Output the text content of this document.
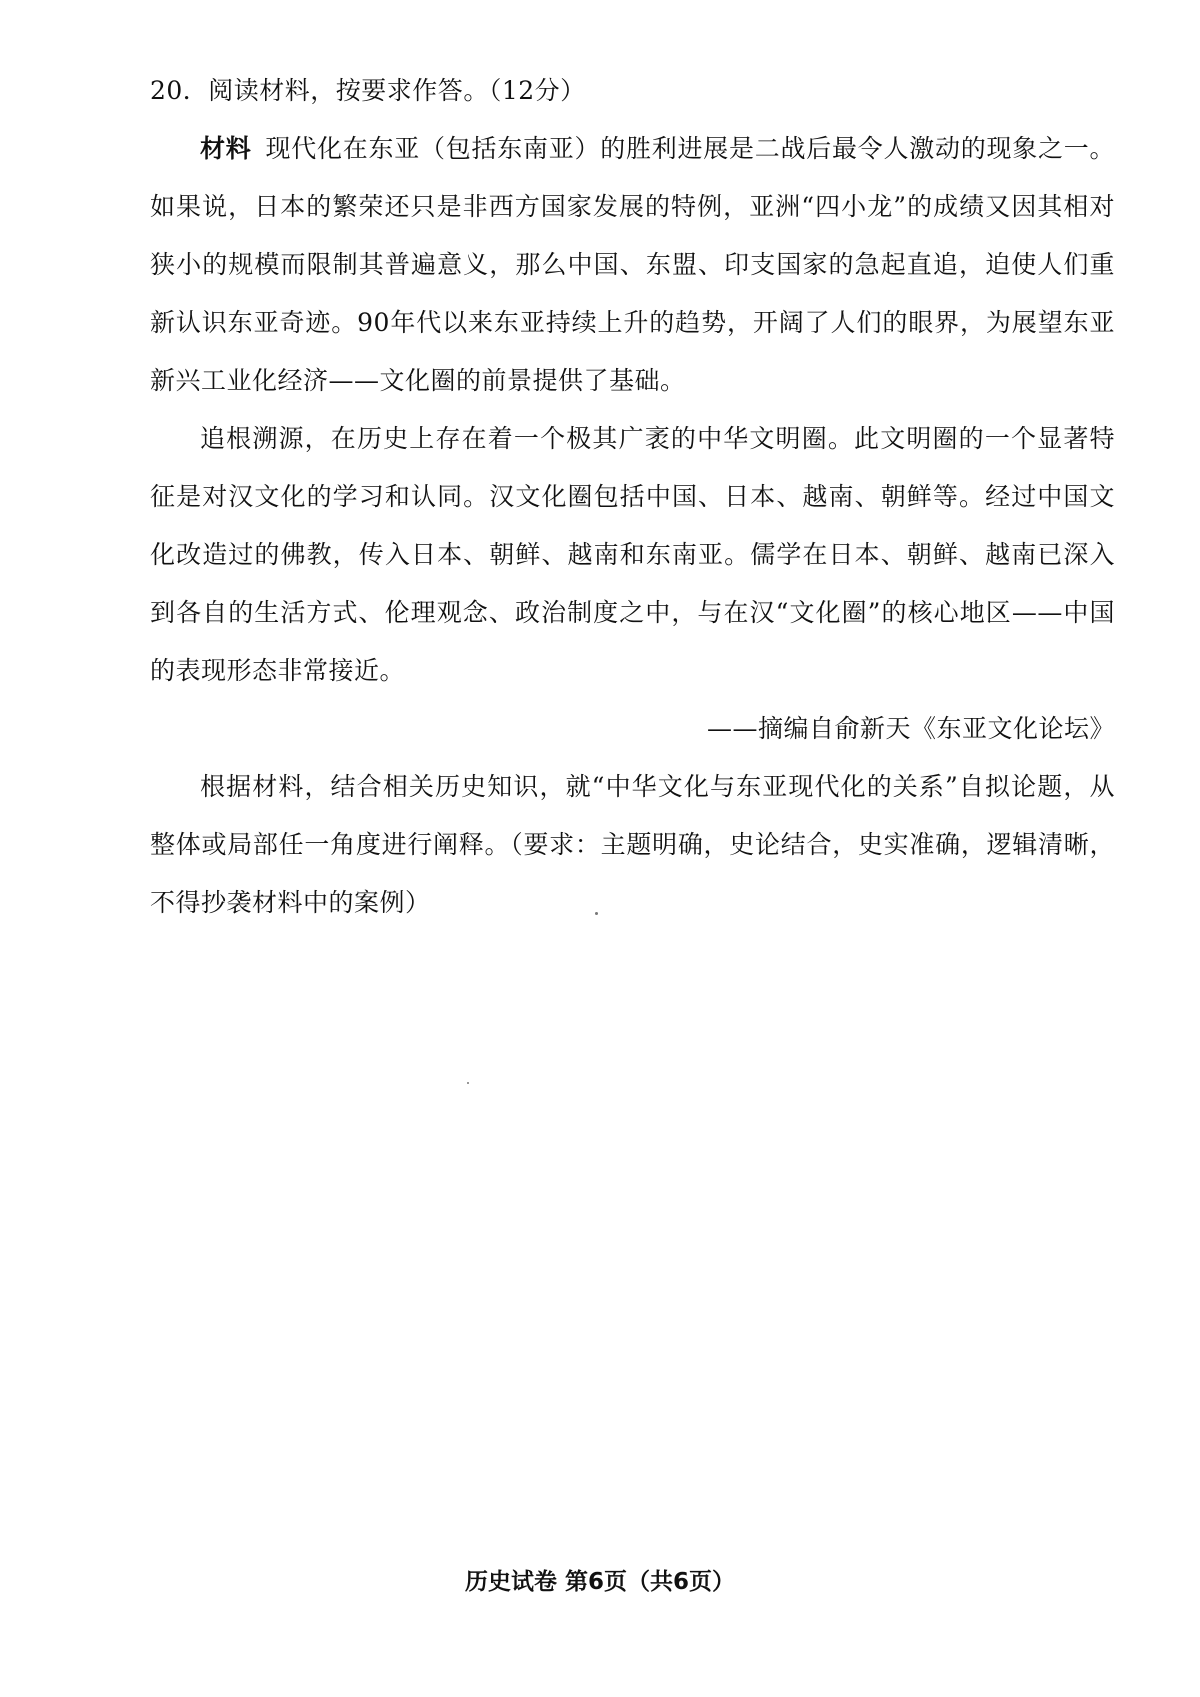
20．阅读材料，按要求作答。（12分）

材料 现代化在东亚（包括东南亚）的胜利进展是二战后最令人激动的现象之一。如果说，日本的繁荣还只是非西方国家发展的特例，亚洲“四小龙”的成绩又因其相对狭小的规模而限制其普遍意义，那么中国、东盟、印支国家的急起直追，迫使人们重新认识东亚奇迹。90年代以来东亚持续上升的趋势，开阔了人们的眼界，为展望东亚新兴工业化经济——文化圈的前景提供了基础。

追根溯源，在历史上存在着一个极其广袤的中华文明圈。此文明圈的一个显著特征是对汉文化的学习和认同。汉文化圈包括中国、日本、越南、朝鲜等。经过中国文化改造过的佛教，传入日本、朝鲜、越南和东南亚。儒学在日本、朝鲜、越南已深入到各自的生活方式、伦理观念、政治制度之中，与在汉“文化圈”的核心地区——中国的表现形态非常接近。

——摘编自俞新天《东亚文化论坛》

根据材料，结合相关历史知识，就“中华文化与东亚现代化的关系”自拟论题，从整体或局部任一角度进行阐释。（要求：主题明确，史论结合，史实准确，逻辑清晰，不得抄袭材料中的案例）

历史试卷 第6页（共6页）
